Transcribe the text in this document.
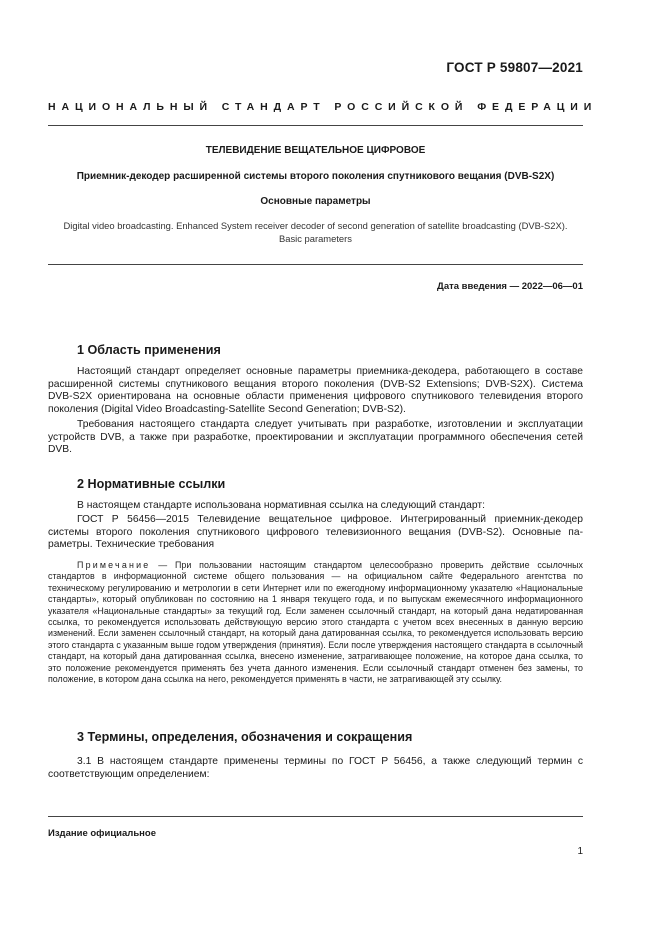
ГОСТ Р 59807—2021
НАЦИОНАЛЬНЫЙ СТАНДАРТ РОССИЙСКОЙ ФЕДЕРАЦИИ
ТЕЛЕВИДЕНИЕ ВЕЩАТЕЛЬНОЕ ЦИФРОВОЕ
Приемник-декодер расширенной системы второго поколения спутникового вещания (DVB-S2X)
Основные параметры
Digital video broadcasting. Enhanced System receiver decoder of second generation of satellite broadcasting (DVB-S2X). Basic parameters
Дата введения — 2022—06—01
1 Область применения

Настоящий стандарт определяет основные параметры приемника-декодера, работающего в составе расширенной системы спутникового вещания второго поколения (DVB-S2 Extensions; DVB-S2X). Система DVB-S2X ориентирована на основные области применения цифрового спутникового телевидения второго поколения (Digital Video Broadcasting-Satellite Second Generation; DVB-S2).

Требования настоящего стандарта следует учитывать при разработке, изготовлении и эксплуатации устройств DVB, а также при разработке, проектировании и эксплуатации программного обеспечения сетей DVB.

2 Нормативные ссылки

В настоящем стандарте использована нормативная ссылка на следующий стандарт:

ГОСТ Р 56456—2015 Телевидение вещательное цифровое. Интегрированный приемник-декодер системы второго поколения спутникового цифрового телевизионного вещания (DVB-S2). Основные параметры. Технические требования

Примечание — При пользовании настоящим стандартом целесообразно проверить действие ссылочных стандартов в информационной системе общего пользования — на официальном сайте Федерального агентства по техническому регулированию и метрологии в сети Интернет или по ежегодному информационному указателю «Национальные стандарты», который опубликован по состоянию на 1 января текущего года, и по выпускам ежемесячного информационного указателя «Национальные стандарты» за текущий год. Если заменен ссылочный стандарт, на который дана недатированная ссылка, то рекомендуется использовать действующую версию этого стандарта с учетом всех внесенных в данную версию изменений. Если заменен ссылочный стандарт, на который дана датированная ссылка, то рекомендуется использовать версию этого стандарта с указанным выше годом утверждения (принятия). Если после утверждения настоящего стандарта в ссылочный стандарт, на который дана датированная ссылка, внесено изменение, затрагивающее положение, на которое дана ссылка, то это положение рекомендуется применять без учета данного изменения. Если ссылочный стандарт отменен без замены, то положение, в котором дана ссылка на него, рекомендуется применять в части, не затрагивающей эту ссылку.

3 Термины, определения, обозначения и сокращения

3.1 В настоящем стандарте применены термины по ГОСТ Р 56456, а также следующий термин с соответствующим определением:

Издание официальное
1
